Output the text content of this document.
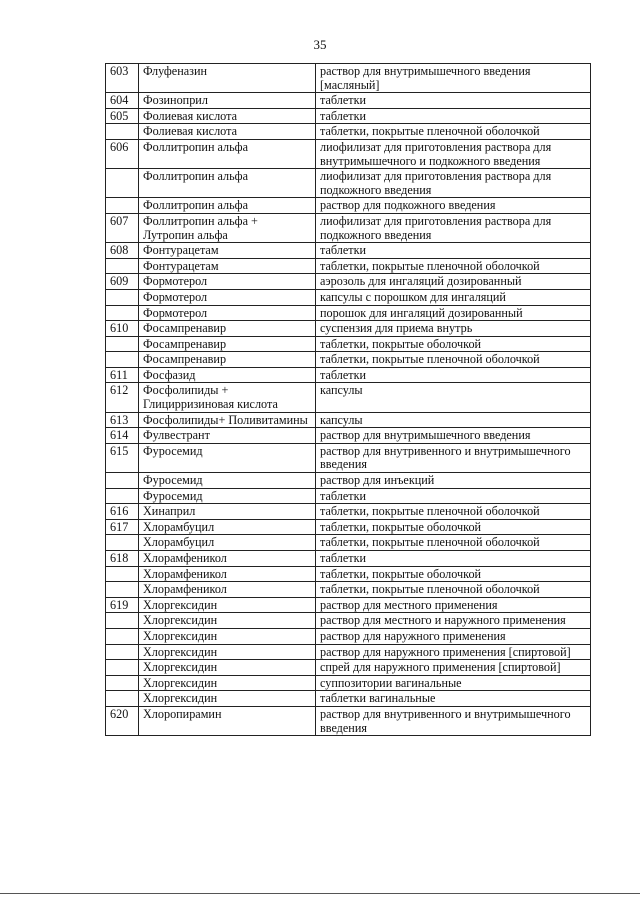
35
603	Флуфеназин	раствор для внутримышечного введения [масляный]
604	Фозиноприл	таблетки
605	Фолиевая кислота	таблетки
	Фолиевая кислота	таблетки, покрытые пленочной оболочкой
606	Фоллитропин альфа	лиофилизат для приготовления раствора для внутримышечного и подкожного введения
	Фоллитропин альфа	лиофилизат для приготовления раствора для подкожного введения
	Фоллитропин альфа	раствор для подкожного введения
607	Фоллитропин альфа + Лутропин альфа	лиофилизат для приготовления раствора для подкожного введения
608	Фонтурацетам	таблетки
	Фонтурацетам	таблетки, покрытые пленочной оболочкой
609	Формотерол	аэрозоль для ингаляций дозированный
	Формотерол	капсулы с порошком для ингаляций
	Формотерол	порошок для ингаляций дозированный
610	Фосампренавир	суспензия для приема внутрь
	Фосампренавир	таблетки, покрытые оболочкой
	Фосампренавир	таблетки, покрытые пленочной оболочкой
611	Фосфазид	таблетки
612	Фосфолипиды + Глицирризиновая кислота	капсулы
613	Фосфолипиды+ Поливитамины	капсулы
614	Фулвестрант	раствор для внутримышечного введения
615	Фуросемид	раствор для внутривенного и внутримышечного введения
	Фуросемид	раствор для инъекций
	Фуросемид	таблетки
616	Хинаприл	таблетки, покрытые пленочной оболочкой
617	Хлорамбуцил	таблетки, покрытые оболочкой
	Хлорамбуцил	таблетки, покрытые пленочной оболочкой
618	Хлорамфеникол	таблетки
	Хлорамфеникол	таблетки, покрытые оболочкой
	Хлорамфеникол	таблетки, покрытые пленочной оболочкой
619	Хлоргексидин	раствор для местного применения
	Хлоргексидин	раствор для местного и наружного применения
	Хлоргексидин	раствор для наружного применения
	Хлоргексидин	раствор для наружного применения [спиртовой]
	Хлоргексидин	спрей для наружного применения [спиртовой]
	Хлоргексидин	суппозитории вагинальные
	Хлоргексидин	таблетки вагинальные
620	Хлоропирамин	раствор для внутривенного и внутримышечного введения
